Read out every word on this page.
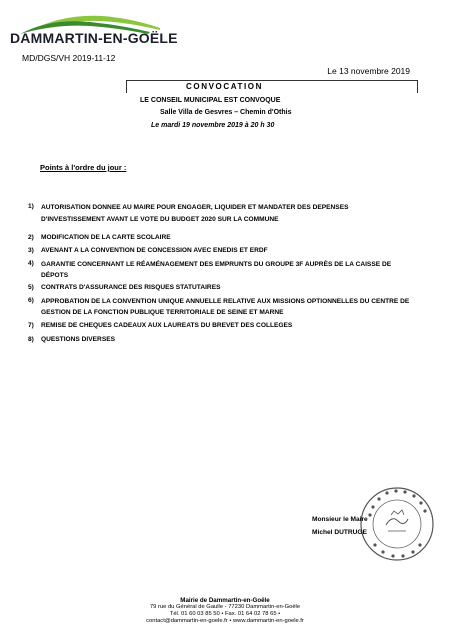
DAMMARTIN-EN-GOËLE
MD/DGS/VH 2019-11-12
Le 13 novembre 2019
CONVOCATION
LE CONSEIL MUNICIPAL EST CONVOQUE
Salle Villa de Gesvres – Chemin d'Othis
Le mardi 19 novembre 2019 à 20 h 30
Points à l'ordre du jour :
1) AUTORISATION DONNEE AU MAIRE POUR ENGAGER, LIQUIDER ET MANDATER DES DEPENSES D'INVESTISSEMENT AVANT LE VOTE DU BUDGET 2020 SUR LA COMMUNE
2) MODIFICATION DE LA CARTE SCOLAIRE
3) AVENANT A LA CONVENTION DE CONCESSION AVEC ENEDIS ET ERDF
4) GARANTIE CONCERNANT LE RÉAMÉNAGEMENT DES EMPRUNTS DU GROUPE 3F AUPRÈS DE LA CAISSE DE DÉPOTS
5) CONTRATS D'ASSURANCE DES RISQUES STATUTAIRES
6) APPROBATION DE LA CONVENTION UNIQUE ANNUELLE RELATIVE AUX MISSIONS OPTIONNELLES DU CENTRE DE GESTION DE LA FONCTION PUBLIQUE TERRITORIALE DE SEINE ET MARNE
7) REMISE DE CHEQUES CADEAUX AUX LAUREATS DU BREVET DES COLLEGES
8) QUESTIONS DIVERSES
Monsieur le Maire
Michel DUTRUGE
Mairie de Dammartin-en-Goële
79 rue du Général de Gaulle - 77230 Dammartin-en-Goële
Tél. 01 60 03 85 50 • Fax. 01 64 02 78 65 •
contact@dammartin-en-goele.fr • www.dammartin-en-goele.fr
